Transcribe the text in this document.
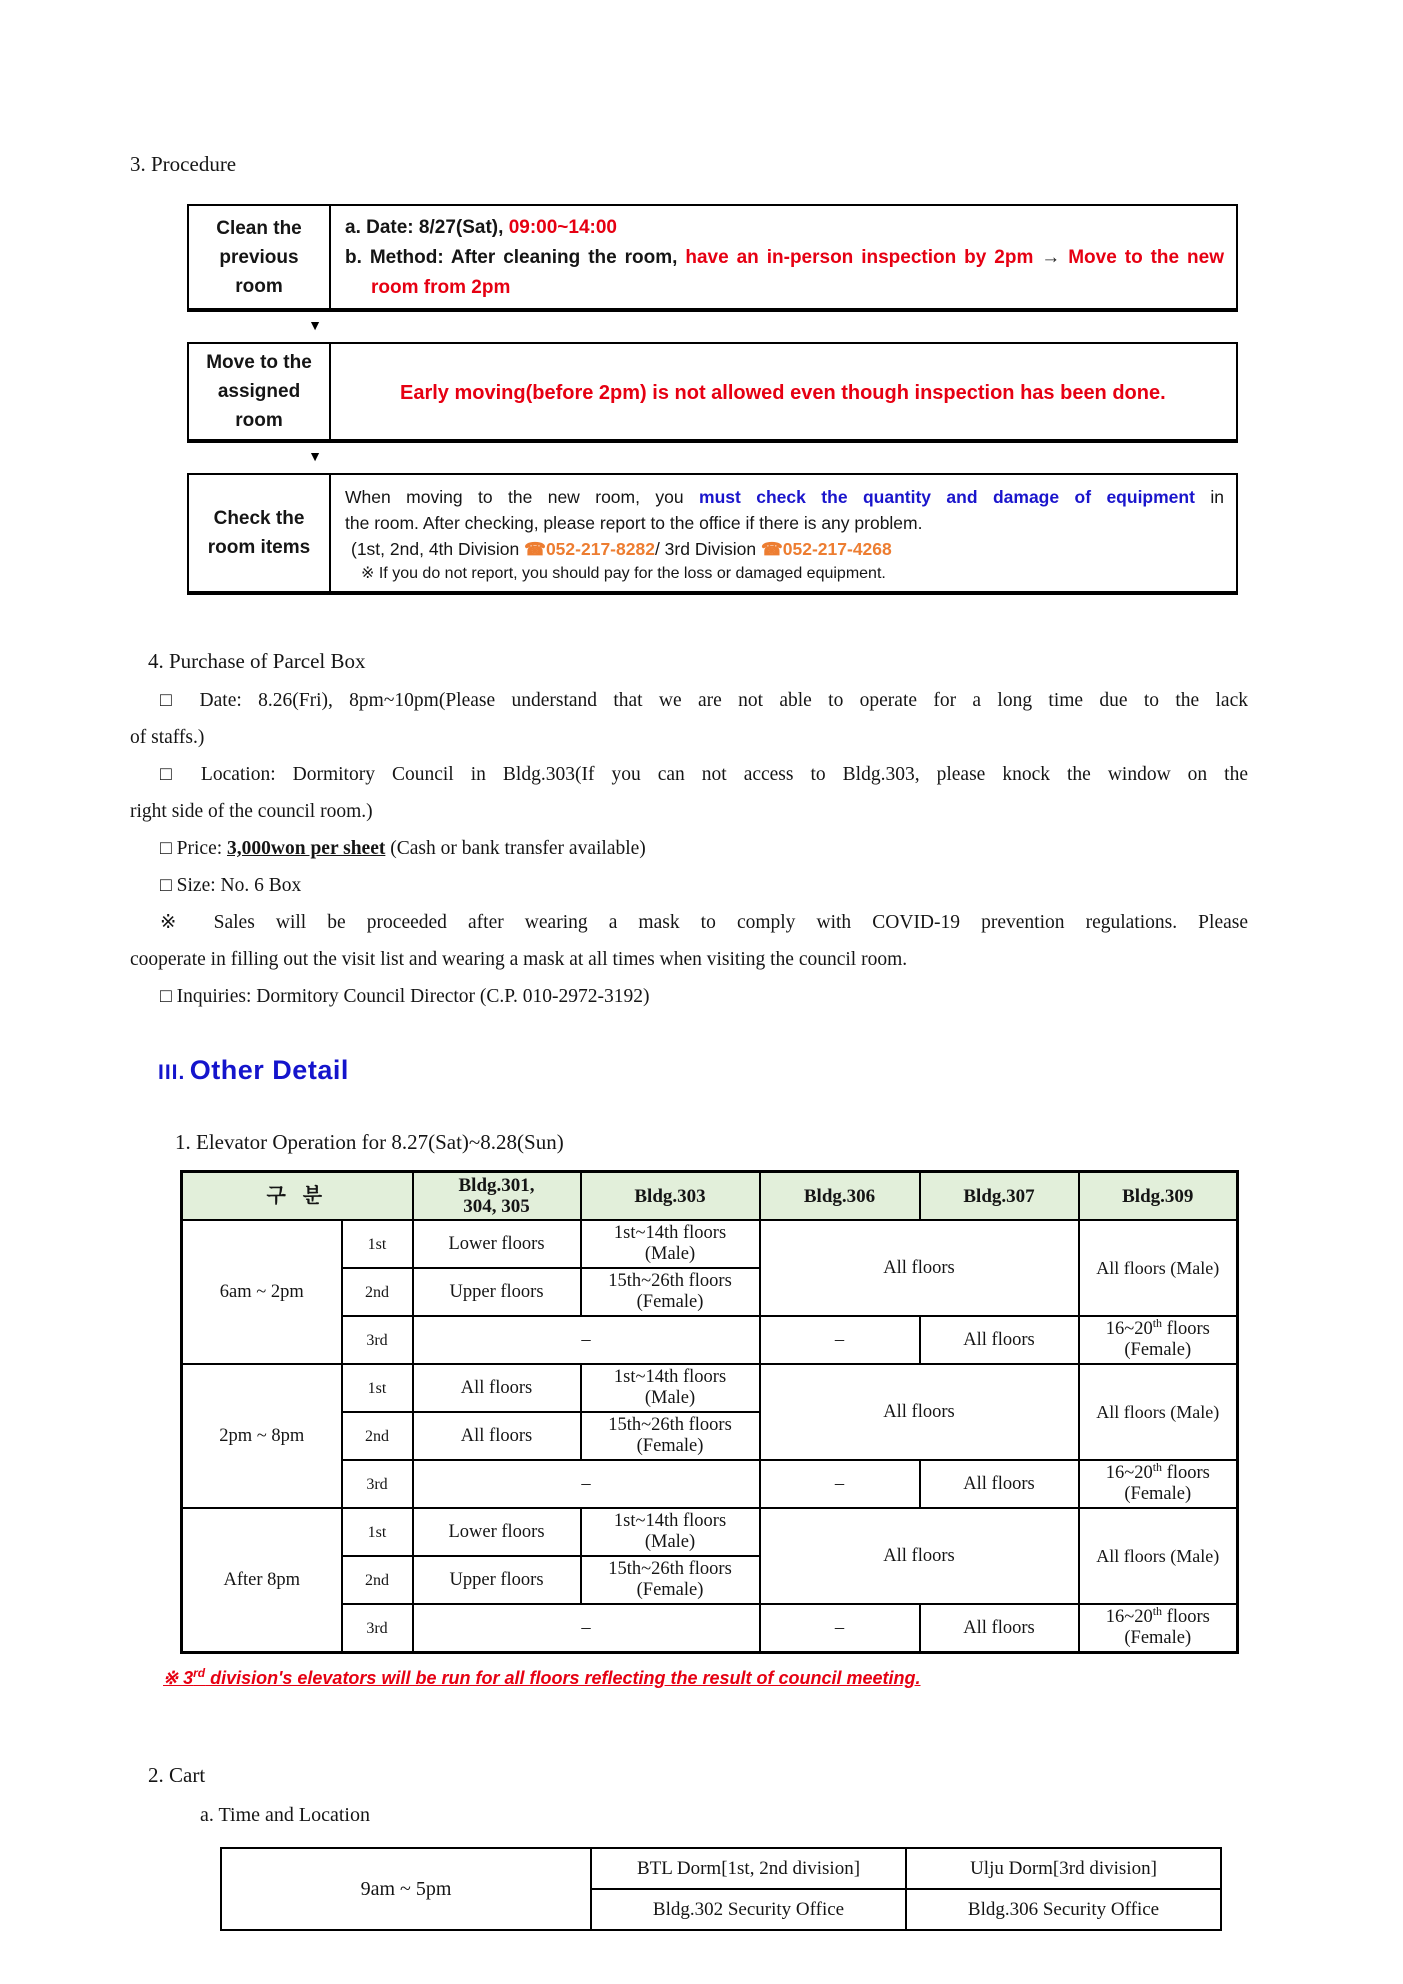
3. Procedure
Clean the previous room
a. Date: 8/27(Sat), 09:00~14:00
b. Method: After cleaning the room, have an in-person inspection by 2pm → Move to the new
room from 2pm
▼
Move to the assigned room
Early moving(before 2pm) is not allowed even though inspection has been done.
▼
Check the room items
When moving to the new room, you must check the quantity and damage of equipment in
the room. After checking, please report to the office if there is any problem.
(1st, 2nd, 4th Division ☎052-217-8282/ 3rd Division ☎052-217-4268
※ If you do not report, you should pay for the loss or damaged equipment.
4. Purchase of Parcel Box

□ Date: 8.26(Fri), 8pm~10pm(Please understand that we are not able to operate for a long time due to the lack

of staffs.)

□ Location: Dormitory Council in Bldg.303(If you can not access to Bldg.303, please knock the window on the

right side of the council room.)

□ Price: 3,000won per sheet (Cash or bank transfer available)

□ Size: No. 6 Box

※ Sales will be proceeded after wearing a mask to comply with COVID-19 prevention regulations. Please

cooperate in filling out the visit list and wearing a mask at all times when visiting the council room.

□ Inquiries: Dormitory Council Director (C.P. 010-2972-3192)

III. Other Detail
1. Elevator Operation for 8.27(Sat)~8.28(Sun)
구 분		Bldg.301,
304, 305	Bldg.303	Bldg.306	Bldg.307	Bldg.309
6am ~ 2pm	1st	Lower floors	1st~14th floors
(Male)	All floors		All floors (Male)
	2nd	Upper floors	15th~26th floors
(Female)			
	3rd	–		–	All floors	16~20th floors
(Female)
2pm ~ 8pm	1st	All floors	1st~14th floors
(Male)	All floors		All floors (Male)
	2nd	All floors	15th~26th floors
(Female)			
	3rd	–		–	All floors	16~20th floors
(Female)
After 8pm	1st	Lower floors	1st~14th floors
(Male)	All floors		All floors (Male)
	2nd	Upper floors	15th~26th floors
(Female)			
	3rd	–		–	All floors	16~20th floors
(Female)
※ 3rd division's elevators will be run for all floors reflecting the result of council meeting.
2. Cart
a. Time and Location
9am ~ 5pm	BTL Dorm[1st, 2nd division]	Ulju Dorm[3rd division]
	Bldg.302 Security Office	Bldg.306 Security Office
